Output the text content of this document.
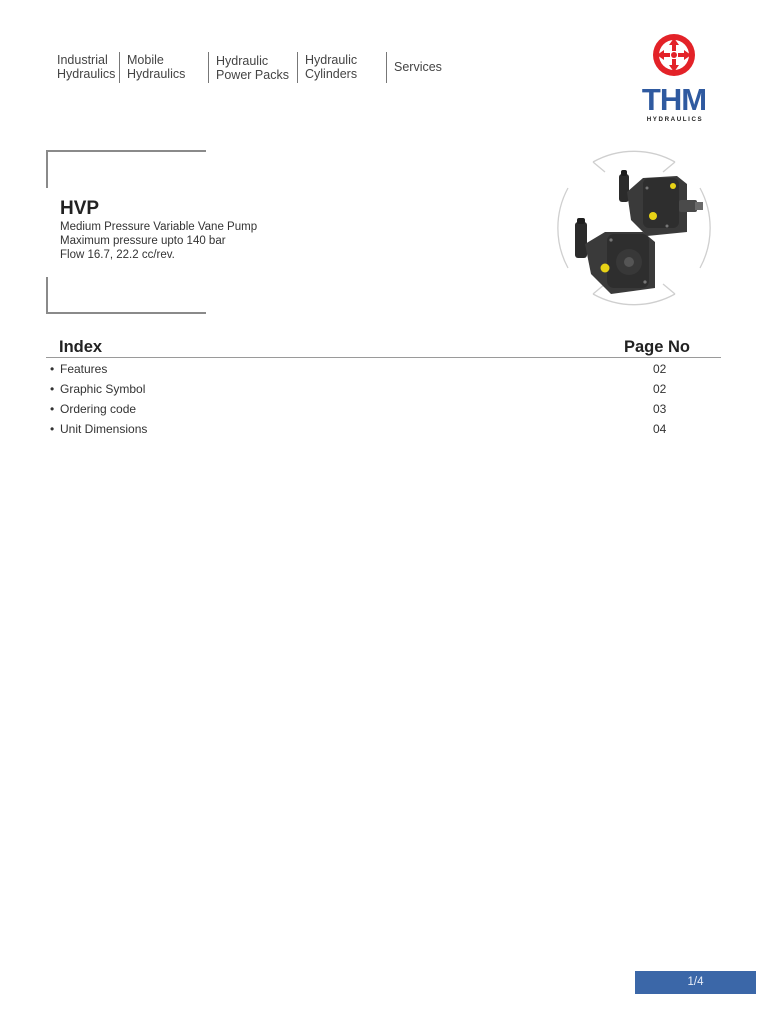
Industrial
Hydraulics
Mobile
Hydraulics
Hydraulic
Power Packs
Hydraulic
Cylinders	Services
THM
HYDRAULICS
HVP
Medium Pressure Variable Vane Pump
Maximum pressure upto 140 bar
Flow 16.7, 22.2 cc/rev.
Index	Page No
• Features	02
• Graphic Symbol	02
• Ordering code	03
• Unit Dimensions	04
1/4
